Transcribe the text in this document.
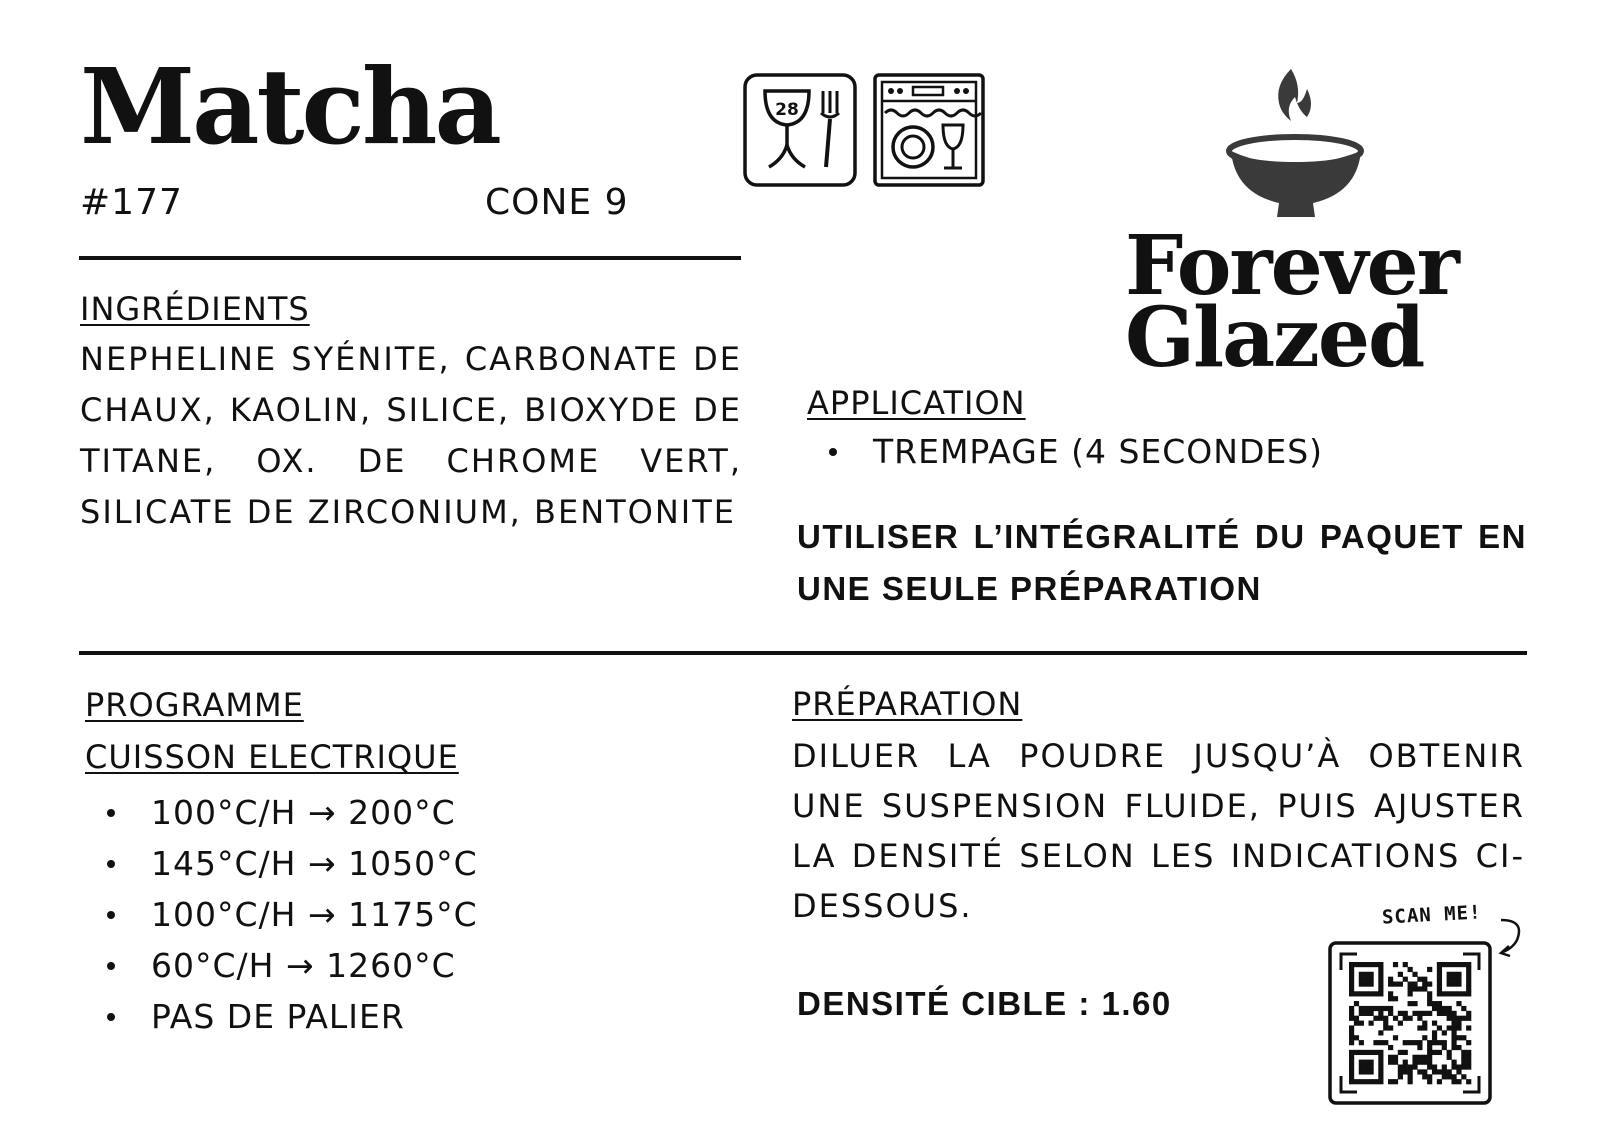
Matcha
#177	CONE 9
28
Forever
Glazed
INGRÉDIENTS
NEPHELINE SYÉNITE, CARBONATE DE CHAUX, KAOLIN, SILICE, BIOXYDE DE TITANE, OX. DE CHROME VERT, SILICATE DE ZIRCONIUM, BENTONITE
APPLICATION
TREMPAGE (4 SECONDES)
UTILISER L’INTÉGRALITÉ DU PAQUET EN UNE SEULE PRÉPARATION
PROGRAMME
CUISSON ELECTRIQUE
100°C/H → 200°C
145°C/H → 1050°C
100°C/H → 1175°C
60°C/H → 1260°C
PAS DE PALIER
PRÉPARATION
DILUER LA POUDRE JUSQU’À OBTENIR UNE SUSPENSION FLUIDE, PUIS AJUSTER LA DENSITÉ SELON LES INDICATIONS CI-DESSOUS.
DENSITÉ CIBLE : 1.60
SCAN ME!
